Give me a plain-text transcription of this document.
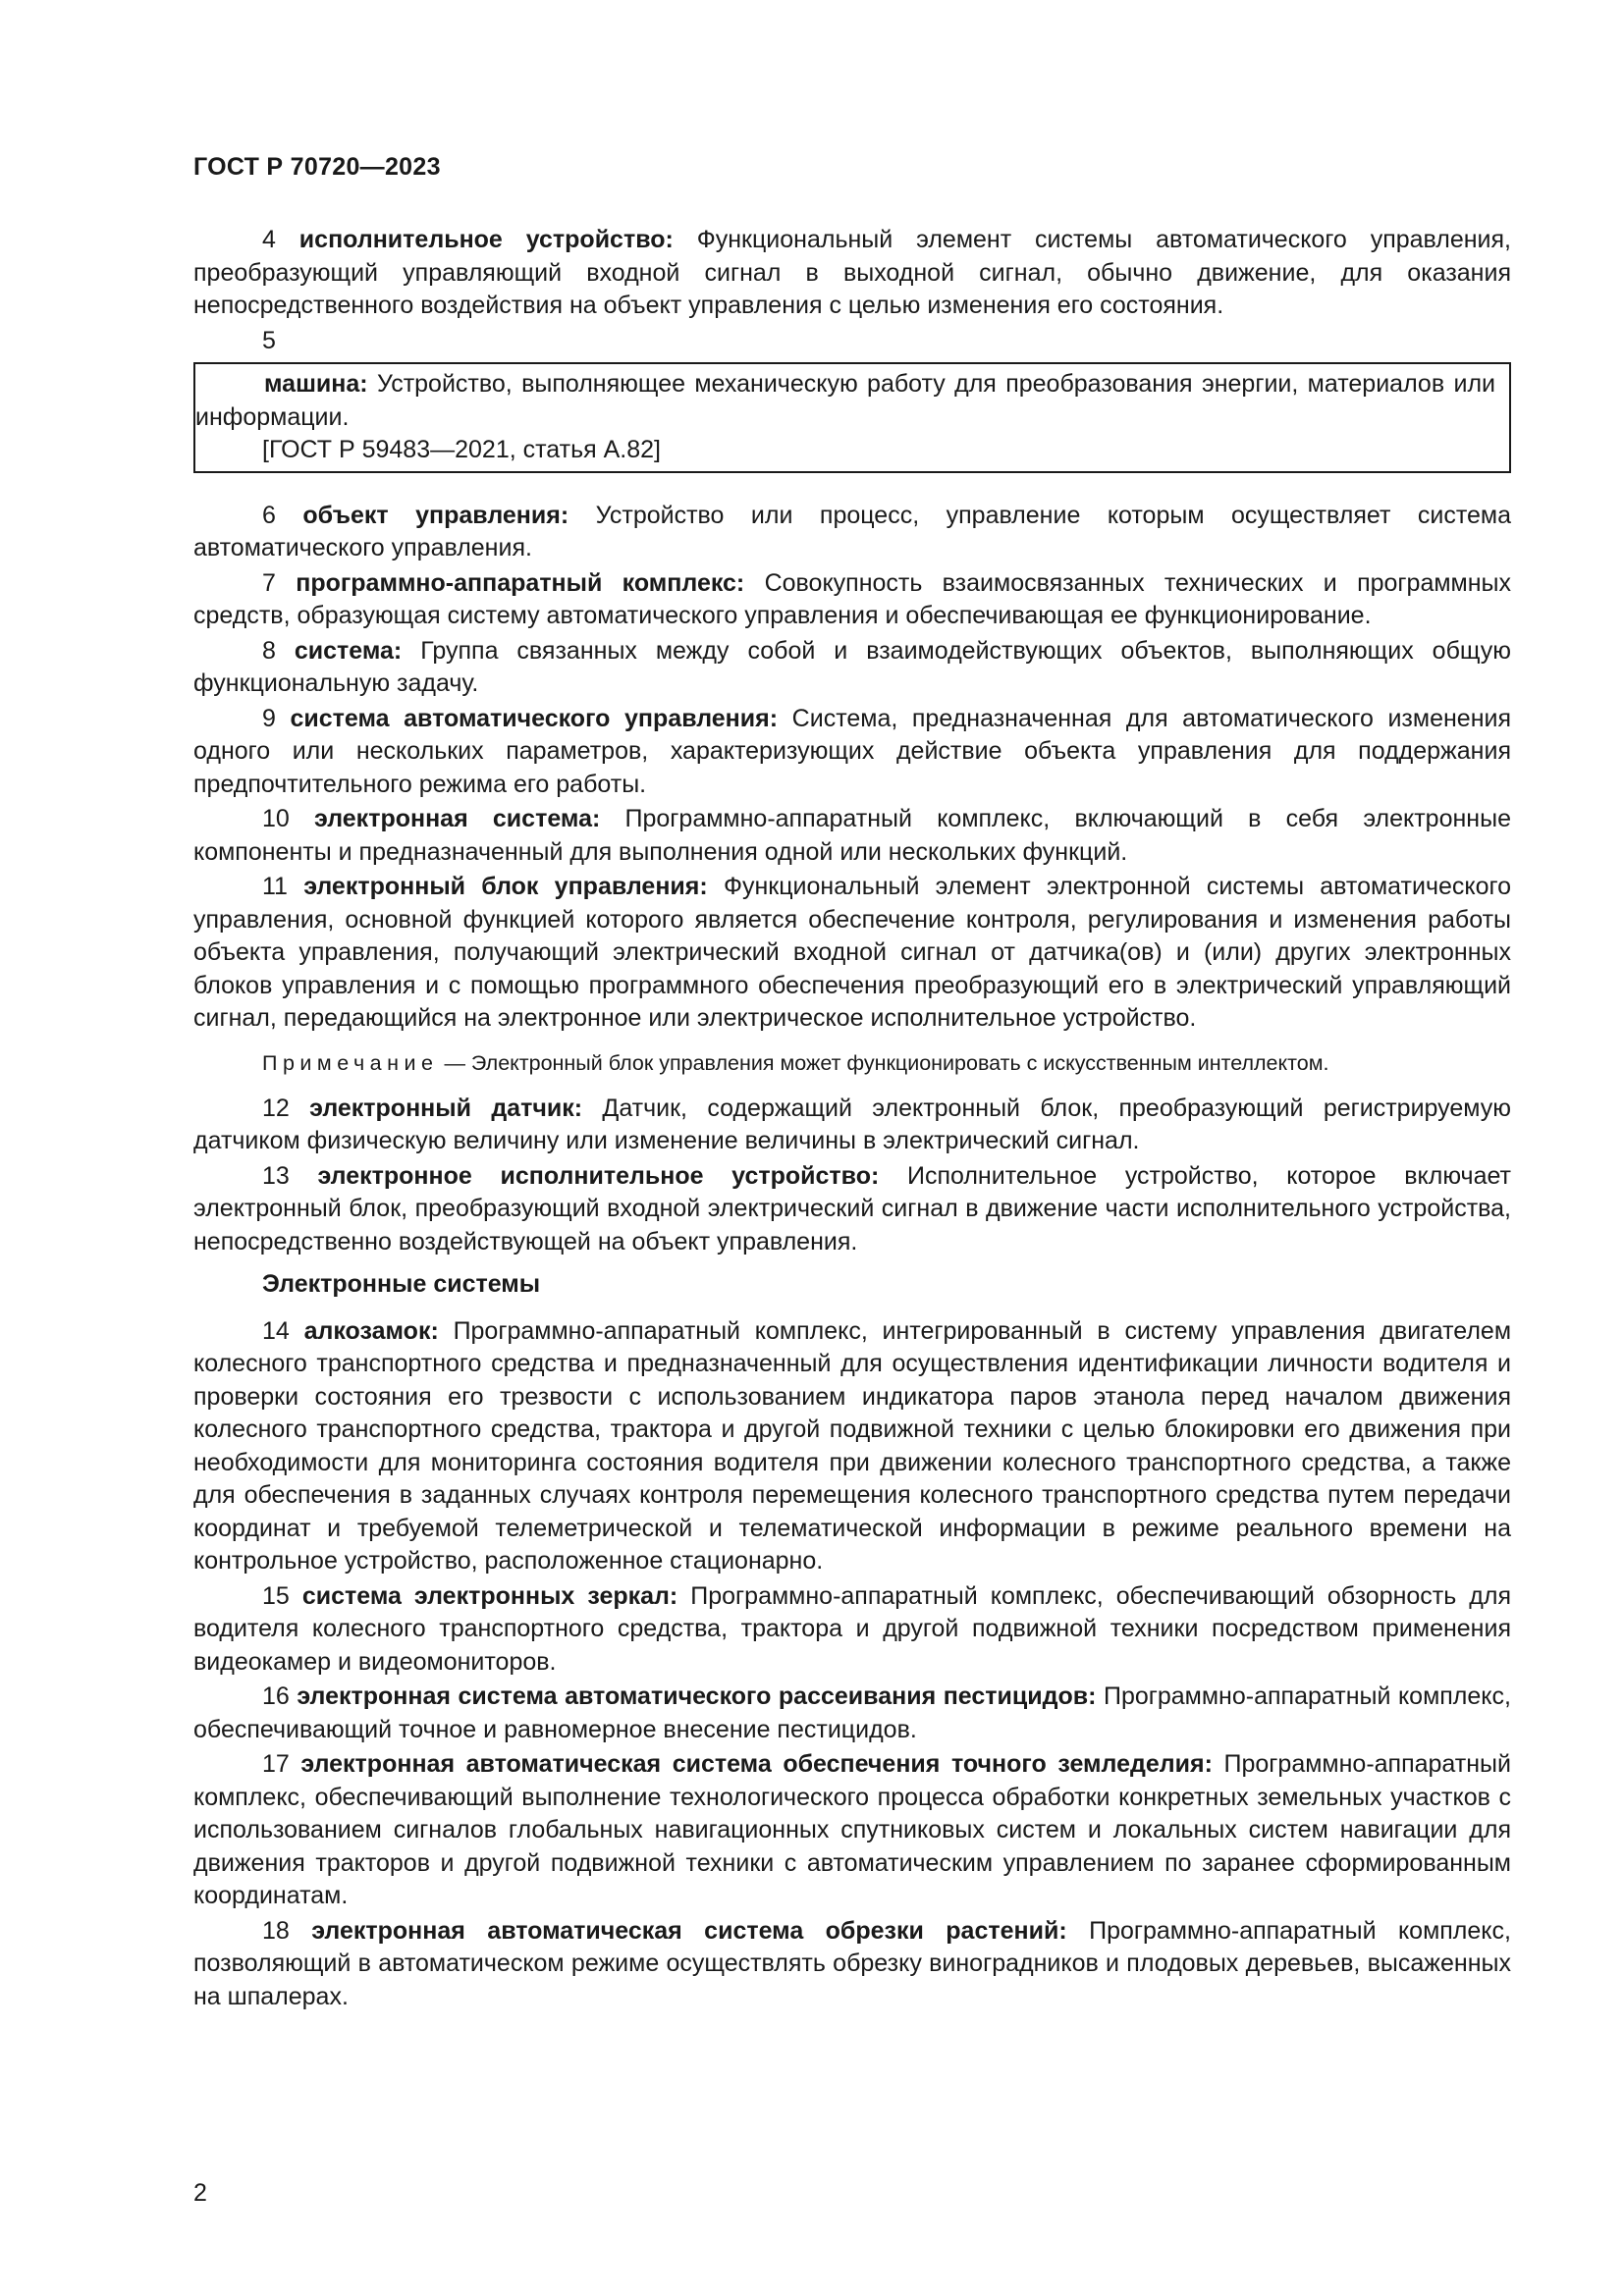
ГОСТ Р 70720—2023

4 исполнительное устройство: Функциональный элемент системы автоматического управления, преобразующий управляющий входной сигнал в выходной сигнал, обычно движение, для оказания непосредственного воздействия на объект управления с целью изменения его состояния.

5

машина: Устройство, выполняющее механическую работу для преобразования энергии, материалов или информации.

[ГОСТ Р 59483—2021, статья А.82]

6 объект управления: Устройство или процесс, управление которым осуществляет система автоматического управления.

7 программно-аппаратный комплекс: Совокупность взаимосвязанных технических и программных средств, образующая систему автоматического управления и обеспечивающая ее функционирование.

8 система: Группа связанных между собой и взаимодействующих объектов, выполняющих общую функциональную задачу.

9 система автоматического управления: Система, предназначенная для автоматического изменения одного или нескольких параметров, характеризующих действие объекта управления для поддержания предпочтительного режима его работы.

10 электронная система: Программно-аппаратный комплекс, включающий в себя электронные компоненты и предназначенный для выполнения одной или нескольких функций.

11 электронный блок управления: Функциональный элемент электронной системы автоматического управления, основной функцией которого является обеспечение контроля, регулирования и изменения работы объекта управления, получающий электрический входной сигнал от датчика(ов) и (или) других электронных блоков управления и с помощью программного обеспечения преобразующий его в электрический управляющий сигнал, передающийся на электронное или электрическое исполнительное устройство.

Примечание — Электронный блок управления может функционировать с искусственным интеллектом.

12 электронный датчик: Датчик, содержащий электронный блок, преобразующий регистрируемую датчиком физическую величину или изменение величины в электрический сигнал.

13 электронное исполнительное устройство: Исполнительное устройство, которое включает электронный блок, преобразующий входной электрический сигнал в движение части исполнительного устройства, непосредственно воздействующей на объект управления.

Электронные системы

14 алкозамок: Программно-аппаратный комплекс, интегрированный в систему управления двигателем колесного транспортного средства и предназначенный для осуществления идентификации личности водителя и проверки состояния его трезвости с использованием индикатора паров этанола перед началом движения колесного транспортного средства, трактора и другой подвижной техники с целью блокировки его движения при необходимости для мониторинга состояния водителя при движении колесного транспортного средства, а также для обеспечения в заданных случаях контроля перемещения колесного транспортного средства путем передачи координат и требуемой телеметрической и телематической информации в режиме реального времени на контрольное устройство, расположенное стационарно.

15 система электронных зеркал: Программно-аппаратный комплекс, обеспечивающий обзорность для водителя колесного транспортного средства, трактора и другой подвижной техники посредством применения видеокамер и видеомониторов.

16 электронная система автоматического рассеивания пестицидов: Программно-аппаратный комплекс, обеспечивающий точное и равномерное внесение пестицидов.

17 электронная автоматическая система обеспечения точного земледелия: Программно-аппаратный комплекс, обеспечивающий выполнение технологического процесса обработки конкретных земельных участков с использованием сигналов глобальных навигационных спутниковых систем и локальных систем навигации для движения тракторов и другой подвижной техники с автоматическим управлением по заранее сформированным координатам.

18 электронная автоматическая система обрезки растений: Программно-аппаратный комплекс, позволяющий в автоматическом режиме осуществлять обрезку виноградников и плодовых деревьев, высаженных на шпалерах.

2
